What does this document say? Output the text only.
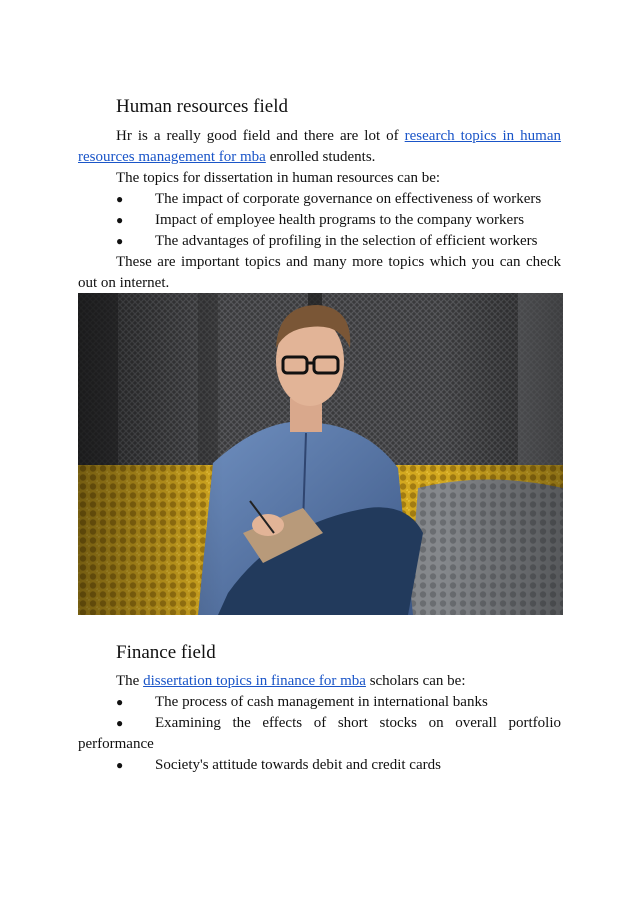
Human resources field

Hr is a really good field and there are lot of research topics in human resources management for mba enrolled students.

The topics for dissertation in human resources can be:

● The impact of corporate governance on effectiveness of workers
● Impact of employee health programs to the company workers
● The advantages of profiling in the selection of efficient workers

These are important topics and many more topics which you can check out on internet.

Finance field

The dissertation topics in finance for mba scholars can be:

● The process of cash management in international banks
●	Examining the effects of short stocks on overall portfolio performance

● Society's attitude towards debit and credit cards
